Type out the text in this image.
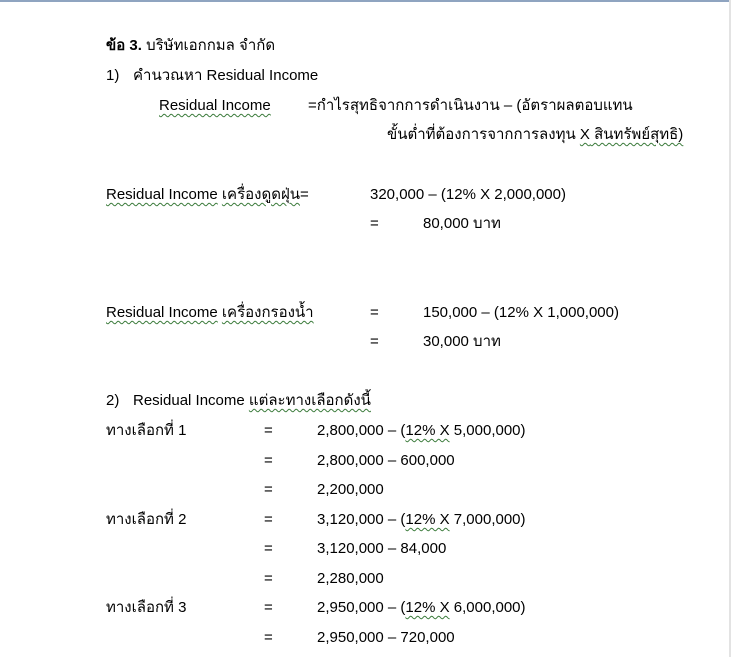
ข้อ 3. บริษัทเอกกมล จำกัด
1) คำนวณหา Residual Income
Residual Income =กำไรสุทธิจากการดำเนินงาน – (อัตราผลตอบแทน
ขั้นต่ำที่ต้องการจากการลงทุน X สินทรัพย์สุทธิ)
Residual Income เครื่องดูดฝุ่น=	320,000 – (12% X 2,000,000)
=	80,000 บาท
Residual Income เครื่องกรองน้ำ	=	150,000 – (12% X 1,000,000)
=	30,000 บาท
2) Residual Income แต่ละทางเลือกดังนี้
ทางเลือกที่ 1	=	2,800,000 – (12% X 5,000,000)
=	2,800,000 – 600,000
=	2,200,000
ทางเลือกที่ 2	=	3,120,000 – (12% X 7,000,000)
=	3,120,000 – 84,000
=	2,280,000
ทางเลือกที่ 3	=	2,950,000 – (12% X 6,000,000)
=	2,950,000 – 720,000
